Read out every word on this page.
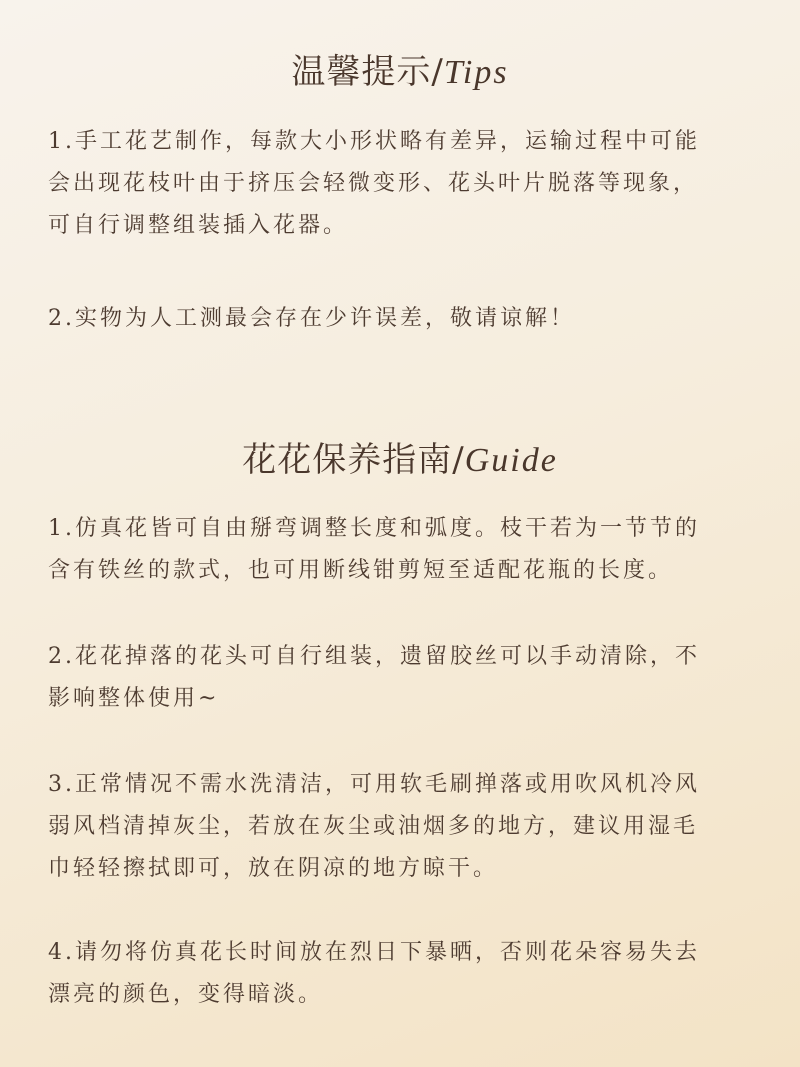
温馨提示/Tips

1.手工花艺制作，每款大小形状略有差异，运输过程中可能
会出现花枝叶由于挤压会轻微变形、花头叶片脱落等现象，
可自行调整组装插入花器。

2.实物为人工测最会存在少许误差，敬请谅解！

花花保养指南/Guide

1.仿真花皆可自由掰弯调整长度和弧度。枝干若为一节节的
含有铁丝的款式，也可用断线钳剪短至适配花瓶的长度。

2.花花掉落的花头可自行组装，遗留胶丝可以手动清除，不
影响整体使用~

3.正常情况不需水洗清洁，可用软毛刷掸落或用吹风机冷风
弱风档清掉灰尘，若放在灰尘或油烟多的地方，建议用湿毛
巾轻轻擦拭即可，放在阴凉的地方晾干。

4.请勿将仿真花长时间放在烈日下暴晒，否则花朵容易失去
漂亮的颜色，变得暗淡。
